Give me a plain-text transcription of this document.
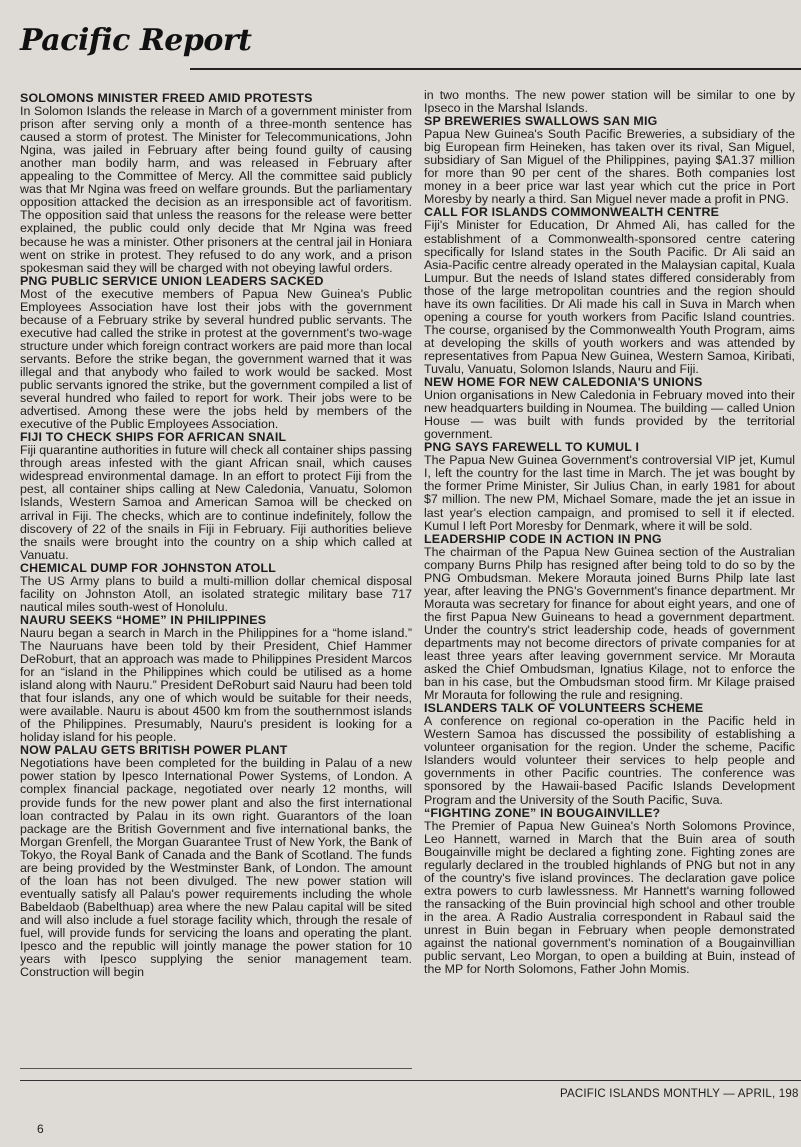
Pacific Report
SOLOMONS MINISTER FREED AMID PROTESTS

In Solomon Islands the release in March of a government minister from prison after serving only a month of a three-month sentence has caused a storm of protest. The Minister for Telecommunications, John Ngina, was jailed in February after being found guilty of causing another man bodily harm, and was released in February after appealing to the Committee of Mercy. All the committee said publicly was that Mr Ngina was freed on welfare grounds. But the parliamentary opposition attacked the decision as an irresponsible act of favoritism. The opposition said that unless the reasons for the release were better explained, the public could only decide that Mr Ngina was freed because he was a minister. Other prisoners at the central jail in Honiara went on strike in protest. They refused to do any work, and a prison spokesman said they will be charged with not obeying lawful orders.

PNG PUBLIC SERVICE UNION LEADERS SACKED

Most of the executive members of Papua New Guinea's Public Employees Association have lost their jobs with the government because of a February strike by several hundred public servants. The executive had called the strike in protest at the government's two-wage structure under which foreign contract workers are paid more than local servants. Before the strike began, the government warned that it was illegal and that anybody who failed to work would be sacked. Most public servants ignored the strike, but the government compiled a list of several hundred who failed to report for work. Their jobs were to be advertised. Among these were the jobs held by members of the executive of the Public Employees Association.

FIJI TO CHECK SHIPS FOR AFRICAN SNAIL

Fiji quarantine authorities in future will check all container ships passing through areas infested with the giant African snail, which causes widespread environmental damage. In an effort to protect Fiji from the pest, all container ships calling at New Caledonia, Vanuatu, Solomon Islands, Western Samoa and American Samoa will be checked on arrival in Fiji. The checks, which are to continue indefinitely, follow the discovery of 22 of the snails in Fiji in February. Fiji authorities believe the snails were brought into the country on a ship which called at Vanuatu.

CHEMICAL DUMP FOR JOHNSTON ATOLL

The US Army plans to build a multi-million dollar chemical disposal facility on Johnston Atoll, an isolated strategic military base 717 nautical miles south-west of Honolulu.

NAURU SEEKS “HOME” IN PHILIPPINES

Nauru began a search in March in the Philippines for a “home island.” The Nauruans have been told by their President, Chief Hammer DeRoburt, that an approach was made to Philippines President Marcos for an “island in the Philippines which could be utilised as a home island along with Nauru.” President DeRoburt said Nauru had been told that four islands, any one of which would be suitable for their needs, were available. Nauru is about 4500 km from the southernmost islands of the Philippines. Presumably, Nauru's president is looking for a holiday island for his people.

NOW PALAU GETS BRITISH POWER PLANT

Negotiations have been completed for the building in Palau of a new power station by Ipesco International Power Systems, of London. A complex financial package, negotiated over nearly 12 months, will provide funds for the new power plant and also the first international loan contracted by Palau in its own right. Guarantors of the loan package are the British Government and five international banks, the Morgan Grenfell, the Morgan Guarantee Trust of New York, the Bank of Tokyo, the Royal Bank of Canada and the Bank of Scotland. The funds are being provided by the Westminster Bank, of London. The amount of the loan has not been divulged. The new power station will eventually satisfy all Palau's power requirements including the whole Babeldaob (Babelthuap) area where the new Palau capital will be sited and will also include a fuel storage facility which, through the resale of fuel, will provide funds for servicing the loans and operating the plant. Ipesco and the republic will jointly manage the power station for 10 years with Ipesco supplying the senior management team. Construction will begin

in two months. The new power station will be similar to one by Ipseco in the Marshal Islands.

SP BREWERIES SWALLOWS SAN MIG

Papua New Guinea's South Pacific Breweries, a subsidiary of the big European firm Heineken, has taken over its rival, San Miguel, subsidiary of San Miguel of the Philippines, paying $A1.37 million for more than 90 per cent of the shares. Both companies lost money in a beer price war last year which cut the price in Port Moresby by nearly a third. San Miguel never made a profit in PNG.

CALL FOR ISLANDS COMMONWEALTH CENTRE

Fiji's Minister for Education, Dr Ahmed Ali, has called for the establishment of a Commonwealth-sponsored centre catering specifically for Island states in the South Pacific. Dr Ali said an Asia-Pacific centre already operated in the Malaysian capital, Kuala Lumpur. But the needs of Island states differed considerably from those of the large metropolitan countries and the region should have its own facilities. Dr Ali made his call in Suva in March when opening a course for youth workers from Pacific Island countries. The course, organised by the Commonwealth Youth Program, aims at developing the skills of youth workers and was attended by representatives from Papua New Guinea, Western Samoa, Kiribati, Tuvalu, Vanuatu, Solomon Islands, Nauru and Fiji.

NEW HOME FOR NEW CALEDONIA'S UNIONS

Union organisations in New Caledonia in February moved into their new headquarters building in Noumea. The building — called Union House — was built with funds provided by the territorial government.

PNG SAYS FAREWELL TO KUMUL I

The Papua New Guinea Government's controversial VIP jet, Kumul I, left the country for the last time in March. The jet was bought by the former Prime Minister, Sir Julius Chan, in early 1981 for about $7 million. The new PM, Michael Somare, made the jet an issue in last year's election campaign, and promised to sell it if elected. Kumul I left Port Moresby for Denmark, where it will be sold.

LEADERSHIP CODE IN ACTION IN PNG

The chairman of the Papua New Guinea section of the Australian company Burns Philp has resigned after being told to do so by the PNG Ombudsman. Mekere Morauta joined Burns Philp late last year, after leaving the PNG's Government's finance department. Mr Morauta was secretary for finance for about eight years, and one of the first Papua New Guineans to head a government department. Under the country's strict leadership code, heads of government departments may not become directors of private companies for at least three years after leaving government service. Mr Morauta asked the Chief Ombudsman, Ignatius Kilage, not to enforce the ban in his case, but the Ombudsman stood firm. Mr Kilage praised Mr Morauta for following the rule and resigning.

ISLANDERS TALK OF VOLUNTEERS SCHEME

A conference on regional co-operation in the Pacific held in Western Samoa has discussed the possibility of establishing a volunteer organisation for the region. Under the scheme, Pacific Islanders would volunteer their services to help people and governments in other Pacific countries. The conference was sponsored by the Hawaii-based Pacific Islands Development Program and the University of the South Pacific, Suva.

“FIGHTING ZONE” IN BOUGAINVILLE?

The Premier of Papua New Guinea's North Solomons Province, Leo Hannett, warned in March that the Buin area of south Bougainville might be declared a fighting zone. Fighting zones are regularly declared in the troubled highlands of PNG but not in any of the country's five island provinces. The declaration gave police extra powers to curb lawlessness. Mr Hannett's warning followed the ransacking of the Buin provincial high school and other trouble in the area. A Radio Australia correspondent in Rabaul said the unrest in Buin began in February when people demonstrated against the national government's nomination of a Bougainvillian public servant, Leo Morgan, to open a building at Buin, instead of the MP for North Solomons, Father John Momis.

PACIFIC ISLANDS MONTHLY — APRIL, 198
6
